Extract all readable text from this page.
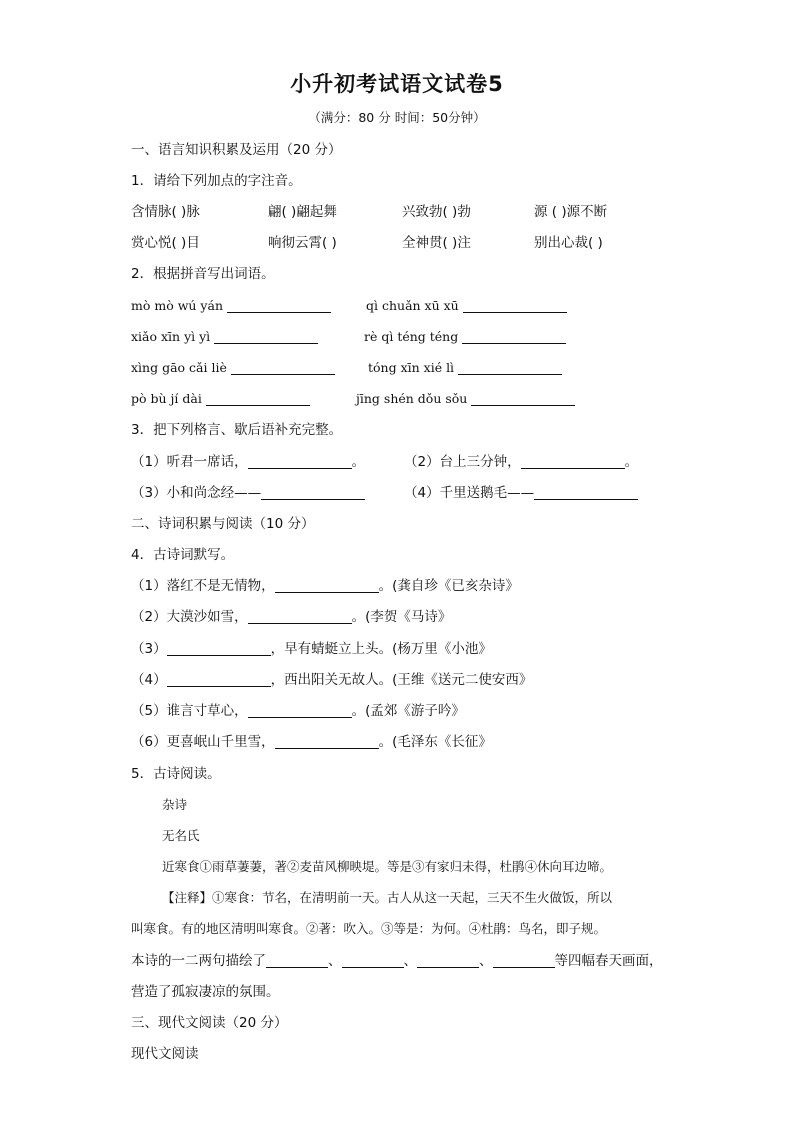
小升初考试语文试卷5
（满分：80 分 时间：50分钟）
一、语言知识积累及运用（20 分）
1．请给下列加点的字注音。
含情脉( )脉	翩( )翩起舞	兴致勃( )勃	源 ( )源不断
赏心悦( )目	响彻云霄( )	全神贯( )注	别出心裁( )
2．根据拼音写出词语。
mò mò wú yán	qì chuǎn xū xū
xiǎo xīn yì yì	rè qì téng téng
xìng gāo cǎi liè	tóng xīn xié lì
pò bù jí dài	jīng shén dǒu sǒu
3．把下列格言、歇后语补充完整。
（1）听君一席话，	。	（2）台上三分钟，	。
（3）小和尚念经——	（4）千里送鹅毛——
二、诗词积累与阅读（10 分）
4．古诗词默写。
（1）落红不是无情物，	。(龚自珍《已亥杂诗》
（2）大漠沙如雪，	。(李贺《马诗》
（3）	，早有蜻蜓立上头。(杨万里《小池》
（4）	，西出阳关无故人。(王维《送元二使安西》
（5）谁言寸草心，	。(孟郊《游子吟》
（6）更喜岷山千里雪，	。(毛泽东《长征》
5．古诗阅读。
杂诗
无名氏
近寒食①雨草萋萋，著②麦苗风柳映堤。等是③有家归未得，杜鹃④休向耳边啼。
【注释】①寒食：节名，在清明前一天。古人从这一天起，三天不生火做饭，所以
叫寒食。有的地区清明叫寒食。②著：吹入。③等是：为何。④杜鹃：鸟名，即子规。
本诗的一二两句描绘了	、	、	、	等四幅春天画面，
营造了孤寂凄凉的氛围。
三、现代文阅读（20 分）
现代文阅读
